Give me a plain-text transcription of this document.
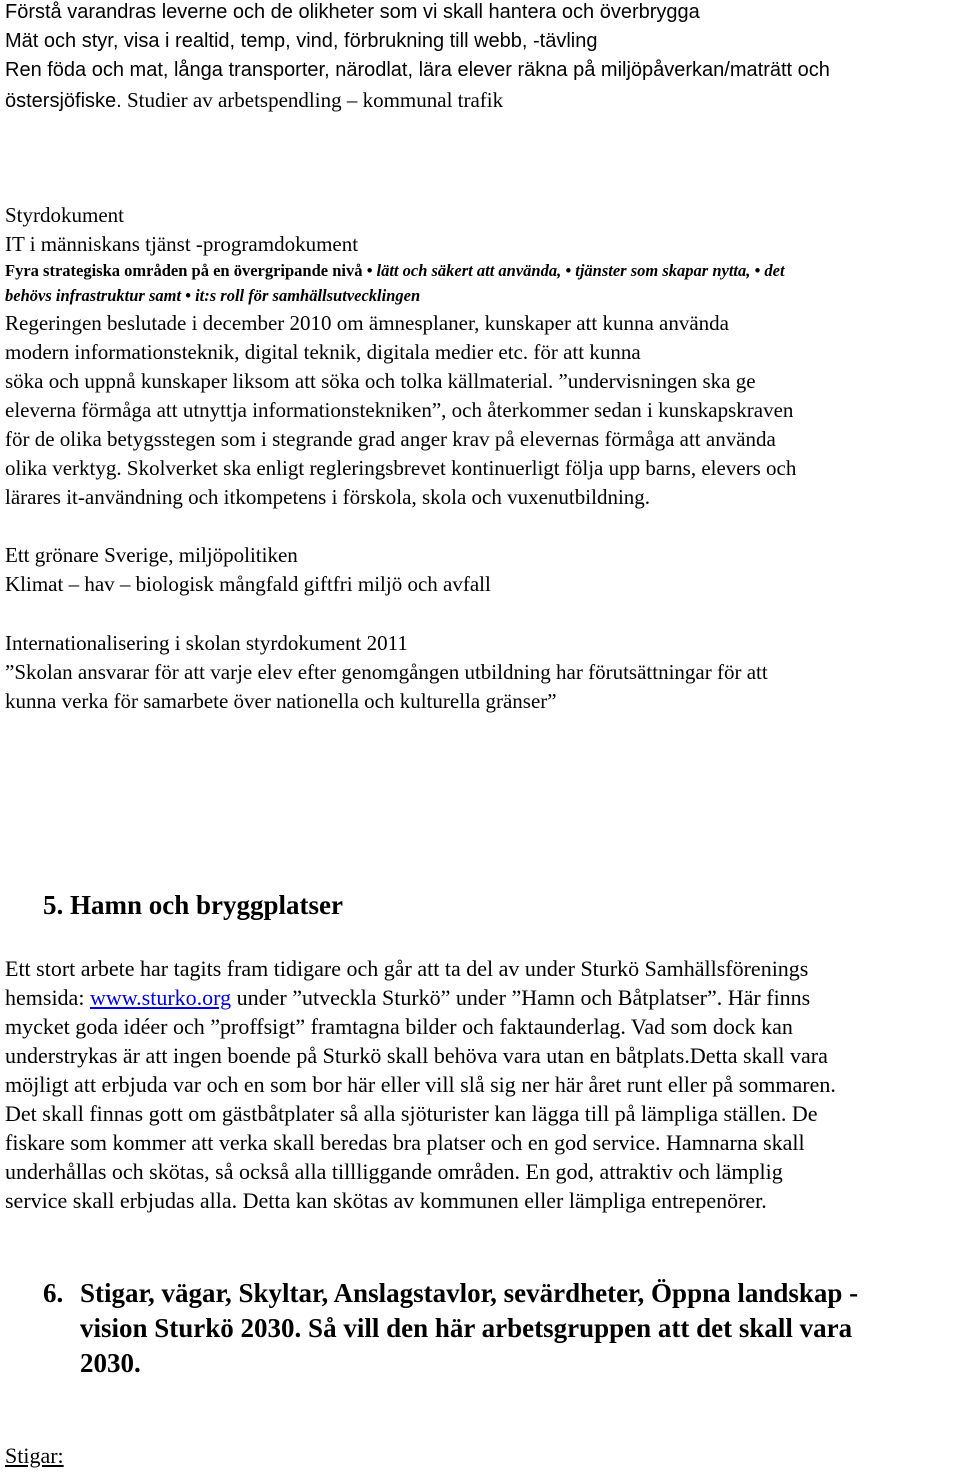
Förstå varandras leverne och de olikheter som vi skall hantera och överbrygga

Mät och styr, visa i realtid, temp, vind, förbrukning till webb, -tävling

Ren föda och mat, långa transporter, närodlat, lära elever räkna på miljöpåverkan/maträtt och

östersjöfiske. Studier av arbetspendling – kommunal trafik

Styrdokument

IT i människans tjänst -programdokument

Fyra strategiska områden på en övergripande nivå • lätt och säkert att använda, • tjänster som skapar nytta, • det

behövs infrastruktur samt • it:s roll för samhällsutvecklingen

Regeringen beslutade i december 2010 om ämnesplaner, kunskaper att kunna använda

modern informationsteknik, digital teknik, digitala medier etc. för att kunna

söka och uppnå kunskaper liksom att söka och tolka källmaterial. ”undervisningen ska ge

eleverna förmåga att utnyttja informationstekniken”, och återkommer sedan i kunskapskraven

för de olika betygsstegen som i stegrande grad anger krav på elevernas förmåga att använda

olika verktyg. Skolverket ska enligt regleringsbrevet kontinuerligt följa upp barns, elevers och

lärares it-användning och itkompetens i förskola, skola och vuxenutbildning.

Ett grönare Sverige, miljöpolitiken

Klimat – hav – biologisk mångfald giftfri miljö och avfall

Internationalisering i skolan styrdokument 2011

”Skolan ansvarar för att varje elev efter genomgången utbildning har förutsättningar för att

kunna verka för samarbete över nationella och kulturella gränser”

5. Hamn och bryggplatser

Ett stort arbete har tagits fram tidigare och går att ta del av under Sturkö Samhällsförenings

hemsida: www.sturko.org under ”utveckla Sturkö” under ”Hamn och Båtplatser”. Här finns

mycket goda idéer och ”proffsigt” framtagna bilder och faktaunderlag. Vad som dock kan

understrykas är att ingen boende på Sturkö skall behöva vara utan en båtplats.Detta skall vara

möjligt att erbjuda var och en som bor här eller vill slå sig ner här året runt eller på sommaren.

Det skall finnas gott om gästbåtplater så alla sjöturister kan lägga till på lämpliga ställen. De

fiskare som kommer att verka skall beredas bra platser och en god service. Hamnarna skall

underhållas och skötas, så också alla tillliggande områden. En god, attraktiv och lämplig

service skall erbjudas alla. Detta kan skötas av kommunen eller lämpliga entrepenörer.

6. Stigar, vägar, Skyltar, Anslagstavlor, sevärdheter, Öppna landskap -

vision Sturkö 2030. Så vill den här arbetsgruppen att det skall vara

2030.

Stigar:
